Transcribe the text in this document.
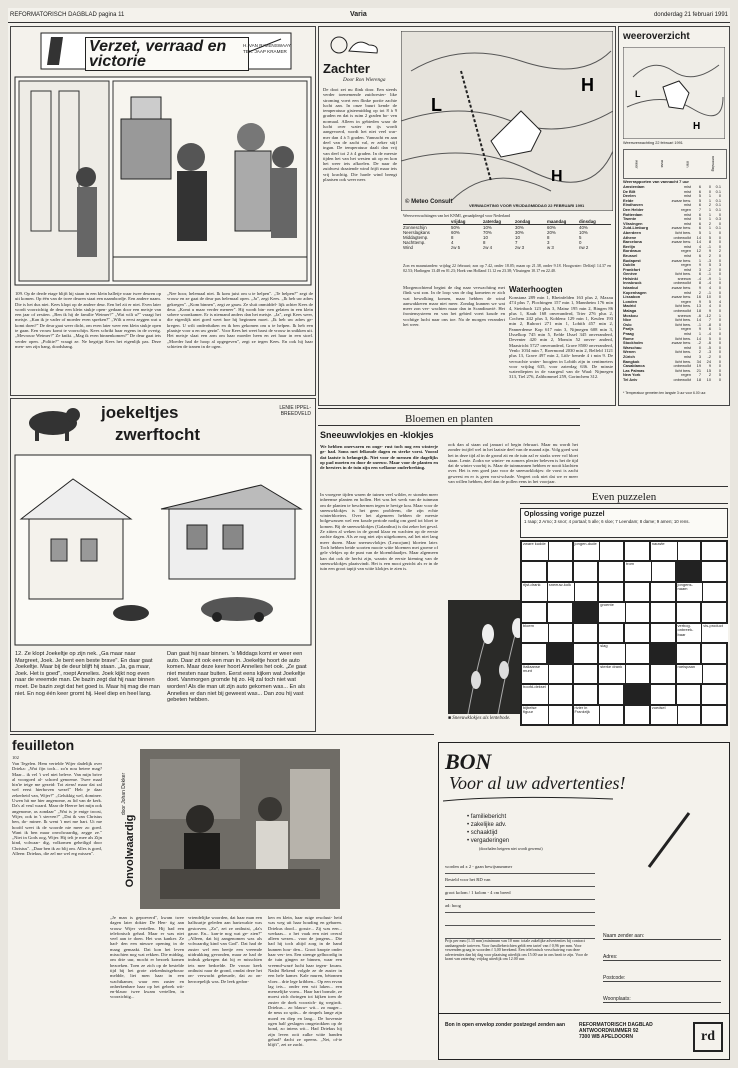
REFORMATORISCH DAGBLAD pagina 11	Varia	donderdag 21 februari 1991
Verzet, verraad en victorie
H. VAN RAVENSWAAY
TEK. JAAP KRAMER
109. Op de derde etage blijft hij staan in een klein halletje waar twee deuren op uit komen. Op één van de twee deuren staat een naambordje. Een andere naam. Die is het dus niet. Kees klopt op de andere deur. Een bel zit er niet. Even later wordt voorzichtig de deur een klein stukje open- gedaan door een meisje van een jaar of zestien. „Ben ik hij de familie Weimer?" „Wat wilt u?" vraagt het meisje. „Kan ik je vader of moeder even spreken?" „Wilt u eerst zeggen wat u komt doen?" De deur gaat weer dicht, om even later weer een klein stukje open te gaan. Een vrouw komt te voorschijn. Kees schrikt haar ergens in de overig. „Mevrouw Weimer?" Ze knikt. „Mag ik even binnenkomen?" De deur gaat iets verder open. „Politie?" vraagt ze. Ne begrijpt Kees het eigenlijk pas. Deze men- sen zijn bang, doodsbang.
„Nee hoor, helemaal niet. Ik kom juist om u te helpen". „Te helpen?" zegt de vrouw en ze gaat de deur pas helemaal open. „Ja", zegt Kees. „Ik heb uw adres gekregen". „Kom binnen", zegt ze gauw. Ze sluit onmiddel- lijk achter Kees de deur. „Komt u maar verder meneer". Hij wordt bin- nen gelaten in een klein sobere woonkamer. Er is niemand anders dan het meisje. „Ja", zegt Kees weer, die eigenlijk niet goed weet hoe hij beginnen moet. „Ik heb uw adres ge- kregen. U wilt onderduiken en ik ben gekomen om u te helpen. Ik heb een plaatsje voor u en uw gezin". Voor Kees het weet barst de vrouw in snikken uit. Het meisje slaat een arm om haar moeder heen en zet haar in een stoel. „Moeder had de hoop al opgegeven", zegt ze tegen Kees. En ook hij haar schieten de tranen in de ogen.
joekeltjes
zwerftocht
LENIE IPPEL-
BREEDVELD
12. Ze klopt Joekeltje op zijn nek. „Ga maar naar Margreet, Joek. Je bent een beste brave". En daar gaat Joekeltje. Maar bij de deur blijft hij staan. „Ja, ga maar, Joek. Het is goed", roept Annelies. Joek kijkt nog even naar de vreemde man. De bazin zegt dat hij naar binnen moet. De bazin zegt dat het goed is. Maar hij mag die man niet. En nog één keer gromt hij. Heel diep en heel lang.
Dan gaat hij naar binnen. 's Middags komt er weer een auto. Daar zit ook een man in. Joekeltje hoort de auto komen. Maar deze keer hoort Annelies het ook. „Ze gaat niet mesten naar buiten. Eerst eens kijken wat Joekeltje doet. Vanmorgen gromde hij zo. Hij zal toch niet wat worden! Als die man uit zijn auto gekomen was... En als Annelies er dan niet bij geweest was... Dan zou hij vast gebeten hebben.
feuilleton
102
Van Tegelen. Hem vertelde Wijer dadelijk over Drieka: „Wat fijn toch... zo'n nou betere mag? Maar... ik vel 't wel niet beleve. Van mijn brive al voorgoed al- schoed genoeme. Twee maal hin'te tetge me gezeid: Tot ziens! maar dat zal wel eerst hierboven wezel" Heb je daar zekerheid van, Wijer?" „Gelukkig wel, dominee. Uwen hit me hier angenome, as lid van de kerk. Da's al veul waard. Maar de Heerre het mijn ook angenome, as zondaar" „Wat is je enige troost, Wijer, ook in 't sterven?" „Dat ik van Christus ben, do- minee. Ik went 't met me hart. Ut me hoofd weet ik de woorde nie meer zo goed. Want ik ben maar onvolwaardig, zegge ze." „Niet in Gods oog, Wijer. Hij telt je mee als Zijn kind, volwaar- dig, volkomen geheiligd door Christus". „Daar ben ik zo blij om. Alles is goed, Alleen: Driekus, die zel me wel erg missen".	Onvolwaardig
door Johan Dekker
„Je man is gepoeverd", kwam twee dagen later dokter De Hen- tig aan vrouw Wijer vertellen. Hij had een telefonisch gehad. Maar er was niet veel aan te doen. Het was kanker. Ze had- den een nieuwe opening in de maag gemaakt. Dat kon het leven misschien nog wat rekken. Die middag, om drie uur, mocht er bezoek komen bezoeken. Toen ze zich op de bestelde tijd bij het grote ziekenhuisgebouw meldde, liet men haar in een wachtkamer, waar een zuster en onherkenbare haar op het gebrek wit-en-blauw twee kwam vertellen, in voorzichtig...
vriendelijke woorden, dat haar man een halfuurtje geleden aan hartzwakte was gestorven. „Zo", zei ze onthutst, „da's gauw. En... kan-ie nog wat ge- zien?" „Alleen, dat hij aangenomen was als volwaardig kind van God". Dat had de zuster wel een beetje een vreemde uitdrukking gevonden, maar ze had de indruk gekregen dat hij er misschien iets mee bedoelde. De vrouw keek onthutst naar de grond, omdat deze het on- verwacht gebeurde, dat zo on- herroepelijk was. De leek gedon-
ken en klein, haar ruige resoluut- heid was weg uit haar houding en gebaren. Driekus dood... gossie... Zij was een... werkaas... o het vaak een niet overal alleen wezen... voor de jongens... Die had hij toch altijd zorg in de hand kunnen hou- den... Groot knopte onder haar ves- ten. Een strenge gelhoordig in de tuin gingen ze binnen, waar een vreemd-wazé lucht haar tegen- kwam. Nadat Rekend volgde ze de zuster in een hele kamer. Kale muren, bètonnen vloer... drie lege kribben... Op een ervan lag iets... onder een wit laken... een menselijke vorm... Haar hart bonsde, ze moest zich dwingen tot kijken toen de zuster de doek voorzich- tig wegtrok. Driekus... zo blauw- wit... zo mager... de neus zo spits... de rimpels lange zijn moed en diep en lang... De bovenste ogen half geslagen omgetrokken op de bond, zo intens wit... Had Driekus hij zijn leven ooit zulke witte handen gehad? dacht ze opeens. „Net, of-ie blijft", zei ze zacht.
Zachter
Door Ron Wierenga
De dooi zet nu flink door. Een steeds verder toenemende zuidwester- like stroming voert een flinke portie zachte lucht aan. In onze buurt kende de temperatuur gistermiddag op tot 8 à 9 graden en dat is ruim 2 graden bo- ven normaal. Alleen in gebieden waar de lucht over water en ijs wordt aangevoerd, wordt het niet veel war- mer dan 4 à 5 graden. Vannacht en aan deel van de zacht val, er zeker stijf ingan. De temperatuur daalt dan vrij van deel tot 2 à 4 graden. In de meeste tijden het van het westen uit op en kon het weer iets afkoelen. De naar de zuidwest draaiende wind frijft maar iets vrij krachtig. Die harde wind brengt plaatsen ook weer neer.
L
H
H
© Meteo Consult
VERWACHTING VOOR VRIJDAGMIDDAG 22 FEBRUARI 1991
Weersverwachtingen van het KNMI, geraadpleegd voor Nederland
vrijdag	zaterdag	zondag	maandag	dinsdag
Zonneschijn	50%	10%	30%	60%	40%
Neerslagkans	60%	70%	30%	20%	10%
Middagtemp.	8	10	10	8	5
Nachttemp.	4	8	7	3	0
Wind	zw 5	zw 4	zw 3	w 3	nw 2
Zon en maanstanden: vrijdag 22 februari; zon op 7.42, onder 18.05; maan op 21.38, onder 9.18. Hoogwater: Delfzijl 14.37 en 02.53; Harlingen 13.48 en 01.23; Hoek van Holland 11.12 en 23.38; Vlissingen 10.17 en 22.40.
Morgenochtend begint de dag naar verwachting met flink wat zon. In de loop van de dag kometen er zich wat bewolking komen, maar hebben de wind aanwakkeren maar niet meer. Zondag kunnen we wat meer zon ver- wachten maar dan in Scandinavië. Het frontensysteem en van het gebied voert koude en vochtige lucht naar ons toe. Na de morgen verandert het weer.
Waterhoogten
Konstanz 289 min 1, Rheinfelden 163 plus 2, Maxau 474 plus 7, Plochingen 157 min 1, Mannheim 176 min 4, Steinbach 123 plus 3, Mainz 195 min 2, Bingen 86 plus 1, Kaub 168 onveranderd, Trier 276 plus 2, Cochem 242 plus 3, Koblenz 129 min 1, Keulen 193 min 2, Ruhrort 271 min 1, Lobith 457 min 2, Pannerdense Kop 617 min 3, Nijmegen 608 min 3, IJsselkop 745 min 5, Eefde IJssel 345 onveranderd, Deventer 420 min 2, Monsin 52 onver- anderd, Maastricht 5727 onveranderd, Grave 8500 onveranderd, Venlo 1034 min 7, Roermond 2030 min 2, Belfeld 1121 plus 13, Grave 497 min 2, Lith- benede 4 t min 9. De verwachte water- hoogten in Lobith zijn in centimeters voor vrijdag 635, voor zaterdag 636. De minste waterdiepten in de vaargeul van de Waal: Nijmegen 313, Tiel 276, Zaltbommel 259, Gorinchem 312.
weeroverzicht
H
L
Weersverwachting 22 februari 1991
weer	max	min	neerslag
Weerrapporten van vannacht 7 uur
Amsterdam	mist	6	0	0.1
De Bilt	mist	6	0	0.1
Deelen	mist	5	1	0
Eelde	zwaar bew.	5	1	0.1
Eindhoven	mist	6	2	0.1
Den Helder	regen	7	1	0.1
Rotterdam	mist	6	1	0
Twente	mist	5	1	0.3
Vlissingen	mist	6	2	0
Zuid-Limburg	zwaar bew.	6	1	0.1
Aberdeen	licht bew.	5	1	0
Athene	onbewolkt	14	5	0
Barcelona	zwaar bew.	14	8	0
Berlijn	mist	4	-1	0
Bordeaux	regen	12	9	2
Brussel	mist	6	2	0
Budapest	zwaar bew.	1	-3	0
Dublin	regen	9	5	3
Frankfort	mist	3	-2	0
Genève	licht bew.	6	-1	0
Helsinki	sneeuw	-4	-9	1
Innsbruck	onbewolkt	8	-4	0
Istanbul	zwaar bew.	9	4	0
Kopenhagen	mist	2	-1	0
Lissabon	zwaar bew.	16	10	0
Londen	regen	9	5	4
Madrid	licht bew.	13	4	0
Malaga	onbewolkt	18	9	0
Moskou	sneeuw	-6	-12	1
Nice	licht bew.	14	7	0
Oslo	licht bew.	-1	-8	0
Parijs	regen	9	6	1
Praag	mist	1	-4	0
Rome	licht bew.	14	5	0
Stockholm	zwaar bew.	-2	-6	0
Warschau	mist	0	-5	0
Wenen	licht bew.	2	-3	0
Zürich	mist	3	-2	0
Bangkok	licht bew.	34	24	0
Casablanca	onbewolkt	19	9	0
Las Palmas	licht bew.	21	15	0
New York	regen	7	2	5
Tel Aviv	onbewolkt	18	10	0
* Temperatuur gemeten ten langste 3 uur voor 6.00 uur.
Bloemen en planten
Sneeuwvlokjes en -klokjes
We hebben onervaren en onge- rust toch nog een winterje ge- had. Soms met felkoude dagen en sterke vorst. Vooral dat laatste is belangrijk. Niet voor de mensen die dagelijks op pad moeten en door de sneeuw. Maar voor de planten en de heesters in de tuin zijn een welkome onderbreking.
In vroegere tijden waren de tuinen veel wilder, er stonden meer inheemse planten en bollen. Het was het werk van de tuinman om de planten te beschermen tegen te hevige kou. Maar voor de sneeuwklokjes is het geen probleem, die zijn echte winterbloeiers. Over het algemeen hebben de meeste bolgewassen wel een koude periode nodig om goed tot bloei te komen. Bij de sneeuwklokjes (Galanthus) is dat zeker het geval. Ze zitten al weken in de grond klaar en wachten op de eerste zachte dagen. Als ze nog niet zijn uitgekomen, zal het niet lang meer duren. Maar sneeuwvlokjes (Leucojum) bloeien later. Toch hebben beide soorten mooie witte bloemen met groene of gele vlekjes op de punt van de bloemblaadjes. Maar algemeen kan dat ook de herfst zijn, waarin de eerste kieming van de sneeuwklokjes plaatsvindt. Het is een mooi gezicht als er in de tuin een groot tapijt van witte klokjes te zien is.
ook dan al staan zal januari of begin februari. Maar nu wordt het zonder twijfel wel in het laatste deel van de maand zijn. Volg goed wat het in deze tijd al in de grond zit en de tuin zal er straks weer vol bloei staan. Lente. Zodra we winter- en zomers plezier beleven is het de tijd dat de winter voorbij is. Maar de tuinmannen hebben er nooit klachten over. Het is een goed jaar voor de sneeuwklokjes: de vorst is zacht geweest en er is geen vorst-schade. Vergeet ook niet dat we er meer van willen hebben, deel dan de pollen eens in het voorjaar.
■ Sneeuwklokjes als lentebode.
Even puzzelen
Oplossing vorige puzzel
1 raap; 2 Arno; 3 snor; 4 portaal; 5 alle; 6 sloe; 7 Leendam; 8 dame; 9 amen; 10 rens.
zware kudde	jongen-dude	nauwte
rijst-drank	sneeuw-kolk
trom
jongens-naam
groente
bloem	verbog. onbreek-baar
slag
vis-product
sterke drank
Italiaanse munt
hoofd-deksel
bijbelse figuur
rivier in Frankrijk
voedsel
roeispaan
BON
Voor al uw advertenties!
• familiebericht
• zakelijke adv.
• schaaktijd
• vergaderingen
(doorhalen hetgeen niet wordt gewenst)
worden ad x 2 - gaan bewijsnummer
Besteld voor het RD van
groot kolom / 1 kolom - 4 cm breed
ad: hoog
Prijs per mm (1.15 mm) minimum van 10 mm: totale zakelijke advertenties bij contract aanhangende tarieven. Voor familieberichten geldt een tarief van f 0,96 per mm. Voor verzenden graag in woorden f 3,00 berekend. Een telefonisch verschuiving van deze advertenties dan bij dag voor plaatsing uiterlijk om 15.00 uur in ons bezit te zijn. Voor de krant van zaterdag: vrijdag uiterlijk om 12.00 uur.
Naam zender aan:
Adres:
Postcode:
Woonplaats:
Bon in open envelop zonder postzegel zenden aan	REFORMATORISCH DAGBLAD
ANTWOORDNUMMER 92
7300 WB APELDOORN	rd
